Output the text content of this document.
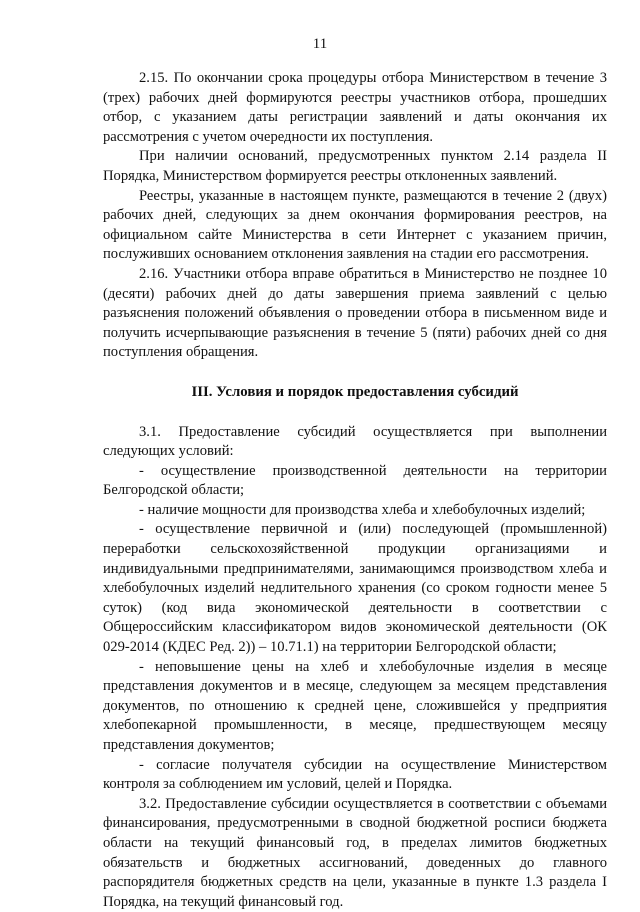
11

2.15. По окончании срока процедуры отбора Министерством в течение 3 (трех) рабочих дней формируются реестры участников отбора, прошедших отбор, с указанием даты регистрации заявлений и даты окончания их рассмотрения с учетом очередности их поступления.

При наличии оснований, предусмотренных пунктом 2.14 раздела II Порядка, Министерством формируется реестры отклоненных заявлений.

Реестры, указанные в настоящем пункте, размещаются в течение 2 (двух) рабочих дней, следующих за днем окончания формирования реестров, на официальном сайте Министерства в сети Интернет с указанием причин, послуживших основанием отклонения заявления на стадии его рассмотрения.

2.16. Участники отбора вправе обратиться в Министерство не позднее 10 (десяти) рабочих дней до даты завершения приема заявлений с целью разъяснения положений объявления о проведении отбора в письменном виде и получить исчерпывающие разъяснения в течение 5 (пяти) рабочих дней со дня поступления обращения.

III. Условия и порядок предоставления субсидий

3.1. Предоставление субсидий осуществляется при выполнении следующих условий:

- осуществление производственной деятельности на территории Белгородской области;

- наличие мощности для производства хлеба и хлебобулочных изделий;

- осуществление первичной и (или) последующей (промышленной) переработки сельскохозяйственной продукции организациями и индивидуальными предпринимателями, занимающимся производством хлеба и хлебобулочных изделий недлительного хранения (со сроком годности менее 5 суток) (код вида экономической деятельности в соответствии с Общероссийским классификатором видов экономической деятельности (ОК 029-2014 (КДЕС Ред. 2)) – 10.71.1) на территории Белгородской области;

- неповышение цены на хлеб и хлебобулочные изделия в месяце представления документов и в месяце, следующем за месяцем представления документов, по отношению к средней цене, сложившейся у предприятия хлебопекарной промышленности, в месяце, предшествующем месяцу представления документов;

- согласие получателя субсидии на осуществление Министерством контроля за соблюдением им условий, целей и Порядка.

3.2. Предоставление субсидии осуществляется в соответствии с объемами финансирования, предусмотренными в сводной бюджетной росписи бюджета области на текущий финансовый год, в пределах лимитов бюджетных обязательств и бюджетных ассигнований, доведенных до главного распорядителя бюджетных средств на цели, указанные в пункте 1.3 раздела I Порядка, на текущий финансовый год.
